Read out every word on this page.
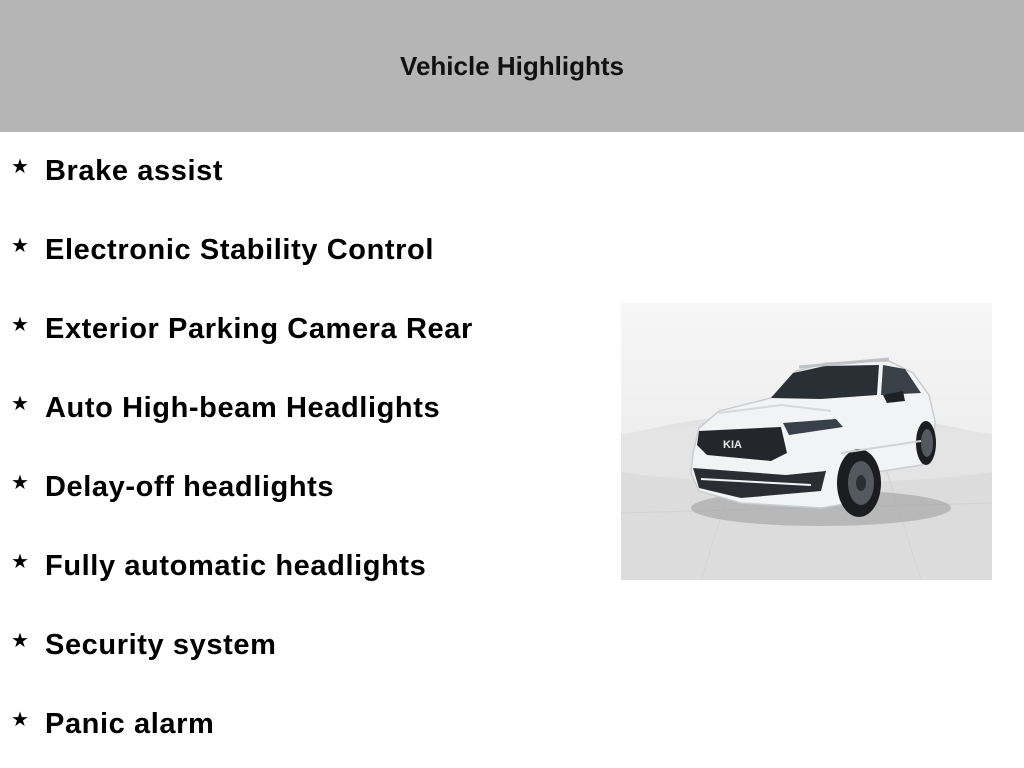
Vehicle Highlights
★ Brake assist
★ Electronic Stability Control
★ Exterior Parking Camera Rear
★ Auto High-beam Headlights
★ Delay-off headlights
★ Fully automatic headlights
★ Security system
★ Panic alarm
KIA
